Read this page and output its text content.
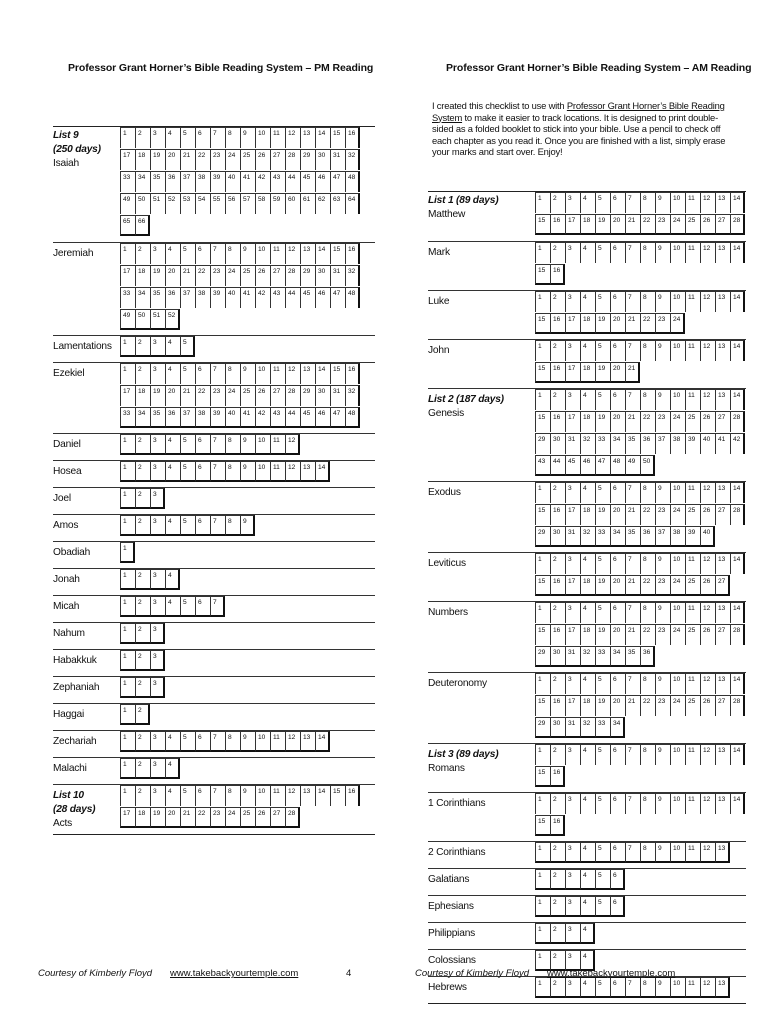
Professor Grant Horner’s Bible Reading System – PM Reading	Professor Grant Horner’s Bible Reading System – AM Reading
I created this checklist to use with Professor Grant Horner’s Bible Reading System to make it easier to track locations. It is designed to print double-sided as a folded booklet to stick into your bible. Use a pencil to check off each chapter as you read it. Once you are finished with a list, simply erase your marks and start over. Enjoy!
List 9
(250 days)
Isaiah
1	2	3	4	5	6	7	8	9	10	11	12	13	14	15	16
17	18	19	20	21	22	23	24	25	26	27	28	29	30	31	32
33	34	35	36	37	38	39	40	41	42	43	44	45	46	47	48
49	50	51	52	53	54	55	56	57	58	59	60	61	62	63	64
65	66
Jeremiah	1	2	3	4	5	6	7	8	9	10	11	12	13	14	15	16
17	18	19	20	21	22	23	24	25	26	27	28	29	30	31	32
33	34	35	36	37	38	39	40	41	42	43	44	45	46	47	48
49	50	51	52
Lamentations	1	2	3	4	5
Ezekiel	1	2	3	4	5	6	7	8	9	10	11	12	13	14	15	16
17	18	19	20	21	22	23	24	25	26	27	28	29	30	31	32
33	34	35	36	37	38	39	40	41	42	43	44	45	46	47	48
Daniel	1	2	3	4	5	6	7	8	9	10	11	12
Hosea	1	2	3	4	5	6	7	8	9	10	11	12	13	14
Joel	1	2	3
Amos	1	2	3	4	5	6	7	8	9
Obadiah	1
Jonah	1	2	3	4
Micah	1	2	3	4	5	6	7
Nahum	1	2	3
Habakkuk	1	2	3
Zephaniah	1	2	3
Haggai	1	2
Zechariah	1	2	3	4	5	6	7	8	9	10	11	12	13	14
Malachi	1	2	3	4
List 10
(28 days)
Acts
1	2	3	4	5	6	7	8	9	10	11	12	13	14	15	16
17	18	19	20	21	22	23	24	25	26	27	28
List 1 (89 days)
Matthew
1	2	3	4	5	6	7	8	9	10	11	12	13	14
15	16	17	18	19	20	21	22	23	24	25	26	27	28
Mark	1	2	3	4	5	6	7	8	9	10	11	12	13	14
15	16
Luke	1	2	3	4	5	6	7	8	9	10	11	12	13	14
15	16	17	18	19	20	21	22	23	24
John	1	2	3	4	5	6	7	8	9	10	11	12	13	14
15	16	17	18	19	20	21
List 2 (187 days)
Genesis
1	2	3	4	5	6	7	8	9	10	11	12	13	14
15	16	17	18	19	20	21	22	23	24	25	26	27	28
29	30	31	32	33	34	35	36	37	38	39	40	41	42
43	44	45	46	47	48	49	50
Exodus	1	2	3	4	5	6	7	8	9	10	11	12	13	14
15	16	17	18	19	20	21	22	23	24	25	26	27	28
29	30	31	32	33	34	35	36	37	38	39	40
Leviticus	1	2	3	4	5	6	7	8	9	10	11	12	13	14
15	16	17	18	19	20	21	22	23	24	25	26	27
Numbers	1	2	3	4	5	6	7	8	9	10	11	12	13	14
15	16	17	18	19	20	21	22	23	24	25	26	27	28
29	30	31	32	33	34	35	36
Deuteronomy	1	2	3	4	5	6	7	8	9	10	11	12	13	14
15	16	17	18	19	20	21	22	23	24	25	26	27	28
29	30	31	32	33	34
List 3 (89 days)
Romans
1	2	3	4	5	6	7	8	9	10	11	12	13	14
15	16
1 Corinthians	1	2	3	4	5	6	7	8	9	10	11	12	13	14
15	16
2 Corinthians	1	2	3	4	5	6	7	8	9	10	11	12	13
Galatians	1	2	3	4	5	6
Ephesians	1	2	3	4	5	6
Philippians	1	2	3	4
Colossians	1	2	3	4
Hebrews	1	2	3	4	5	6	7	8	9	10	11	12	13
Courtesy of Kimberly Floyd www.takebackyourtemple.com	4	Courtesy of Kimberly Floyd www.takebackyourtemple.com
